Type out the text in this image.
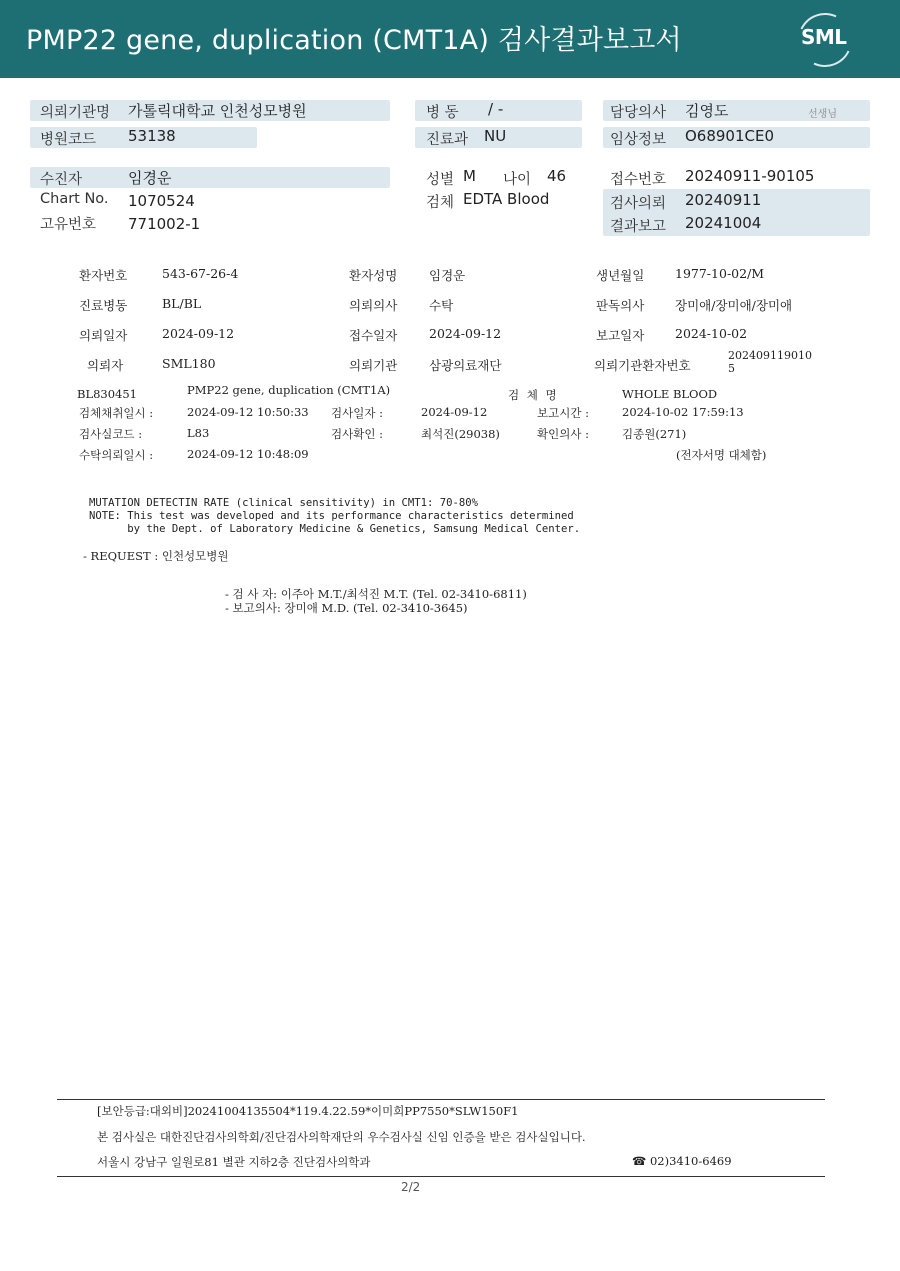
PMP22 gene, duplication (CMT1A) 검사결과보고서	SML
의뢰기관명 가톨릭대학교 인천성모병원	병 동 / -	담당의사 김영도	선생님
병원코드 53138	진료과 NU	임상정보 O68901CE0
수진자	임경운	성별 M 나이 46	접수번호 20240911-90105
Chart No. 1070524	검체 EDTA Blood	검사의뢰 20240911
고유번호 771002-1	결과보고 20241004
환자번호	543-67-26-4	환자성명	임경운	생년월일 1977-10-02/M
진료병동	BL/BL	의뢰의사	수탁	판독의사 장미애/장미애/장미애
의뢰일자	2024-09-12	접수일자	2024-09-12	보고일자 2024-10-02
의뢰자	SML180	의뢰기관	삼광의료재단	의뢰기관환자번호
202409119010
5
BL830451	PMP22 gene, duplication (CMT1A)	검 체 명	WHOLE BLOOD
검체채취일시 :	2024-09-12 10:50:33 검사일자 :	2024-09-12	보고시간 :	2024-10-02 17:59:13
검사실코드 :	L83	검사확인 :	최석진(29038)	확인의사 :	김종원(271)
수탁의뢰일시 :	2024-09-12 10:48:09	(전자서명 대체함)
MUTATION DETECTIN RATE (clinical sensitivity) in CMT1: 70-80%
NOTE: This test was developed and its performance characteristics determined
by the Dept. of Laboratory Medicine & Genetics, Samsung Medical Center.
- REQUEST : 인천성모병원
- 검 사 자: 이주아 M.T./최석진 M.T. (Tel. 02-3410-6811)
- 보고의사: 장미애 M.D. (Tel. 02-3410-3645)
[보안등급:대외비]20241004135504*119.4.22.59*이미희PP7550*SLW150F1
본 검사실은 대한진단검사의학회/진단검사의학재단의 우수검사실 신임 인증을 받은 검사실입니다.
서울시 강남구 일원로81 별관 지하2층 진단검사의학과	☎ 02)3410-6469
2/2
